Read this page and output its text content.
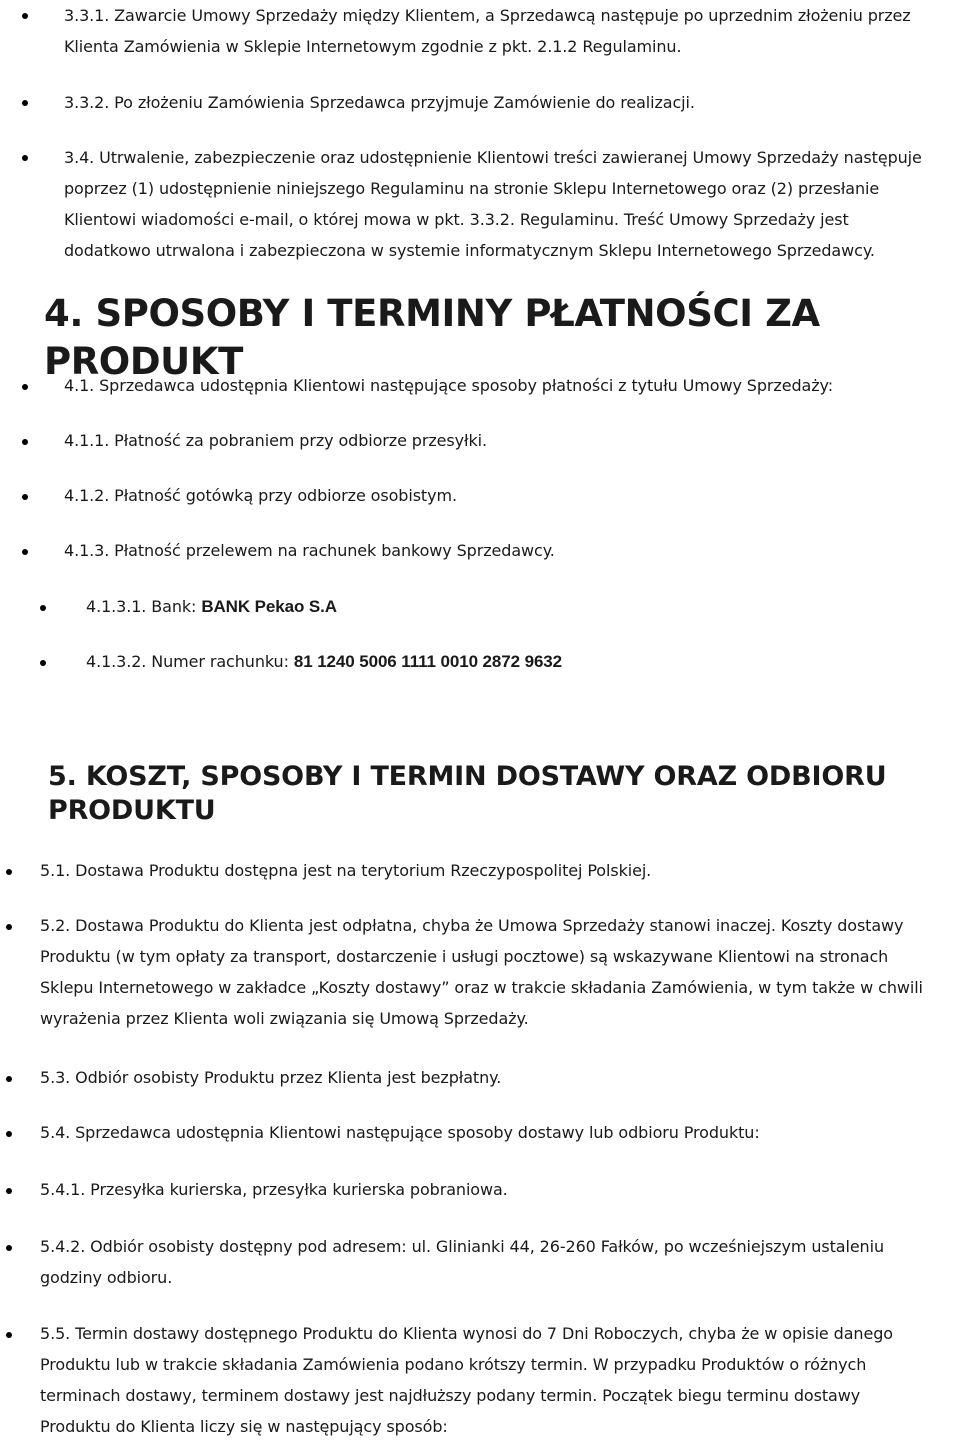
3.3.1. Zawarcie Umowy Sprzedaży między Klientem, a Sprzedawcą następuje po uprzednim złożeniu przez
Klienta Zamówienia w Sklepie Internetowym zgodnie z pkt. 2.1.2 Regulaminu.
3.3.2. Po złożeniu Zamówienia Sprzedawca przyjmuje Zamówienie do realizacji.
3.4. Utrwalenie, zabezpieczenie oraz udostępnienie Klientowi treści zawieranej Umowy Sprzedaży następuje
poprzez (1) udostępnienie niniejszego Regulaminu na stronie Sklepu Internetowego oraz (2) przesłanie
Klientowi wiadomości e-mail, o której mowa w pkt. 3.3.2. Regulaminu. Treść Umowy Sprzedaży jest
dodatkowo utrwalona i zabezpieczona w systemie informatycznym Sklepu Internetowego Sprzedawcy.
4. SPOSOBY I TERMINY PŁATNOŚCI ZA PRODUKT
4.1. Sprzedawca udostępnia Klientowi następujące sposoby płatności z tytułu Umowy Sprzedaży:
4.1.1. Płatność za pobraniem przy odbiorze przesyłki.
4.1.2. Płatność gotówką przy odbiorze osobistym.
4.1.3. Płatność przelewem na rachunek bankowy Sprzedawcy.
4.1.3.1. Bank: BANK Pekao S.A
4.1.3.2. Numer rachunku: 81 1240 5006 1111 0010 2872 9632
5. KOSZT, SPOSOBY I TERMIN DOSTAWY ORAZ ODBIORU PRODUKTU
5.1. Dostawa Produktu dostępna jest na terytorium Rzeczypospolitej Polskiej.
5.2. Dostawa Produktu do Klienta jest odpłatna, chyba że Umowa Sprzedaży stanowi inaczej. Koszty dostawy
Produktu (w tym opłaty za transport, dostarczenie i usługi pocztowe) są wskazywane Klientowi na stronach
Sklepu Internetowego w zakładce „Koszty dostawy” oraz w trakcie składania Zamówienia, w tym także w chwili
wyrażenia przez Klienta woli związania się Umową Sprzedaży.
5.3. Odbiór osobisty Produktu przez Klienta jest bezpłatny.
5.4. Sprzedawca udostępnia Klientowi następujące sposoby dostawy lub odbioru Produktu:
5.4.1. Przesyłka kurierska, przesyłka kurierska pobraniowa.
5.4.2. Odbiór osobisty dostępny pod adresem: ul. Glinianki 44, 26-260 Fałków, po wcześniejszym ustaleniu
godziny odbioru.
5.5. Termin dostawy dostępnego Produktu do Klienta wynosi do 7 Dni Roboczych, chyba że w opisie danego
Produktu lub w trakcie składania Zamówienia podano krótszy termin. W przypadku Produktów o różnych
terminach dostawy, terminem dostawy jest najdłuższy podany termin. Początek biegu terminu dostawy
Produktu do Klienta liczy się w następujący sposób:
